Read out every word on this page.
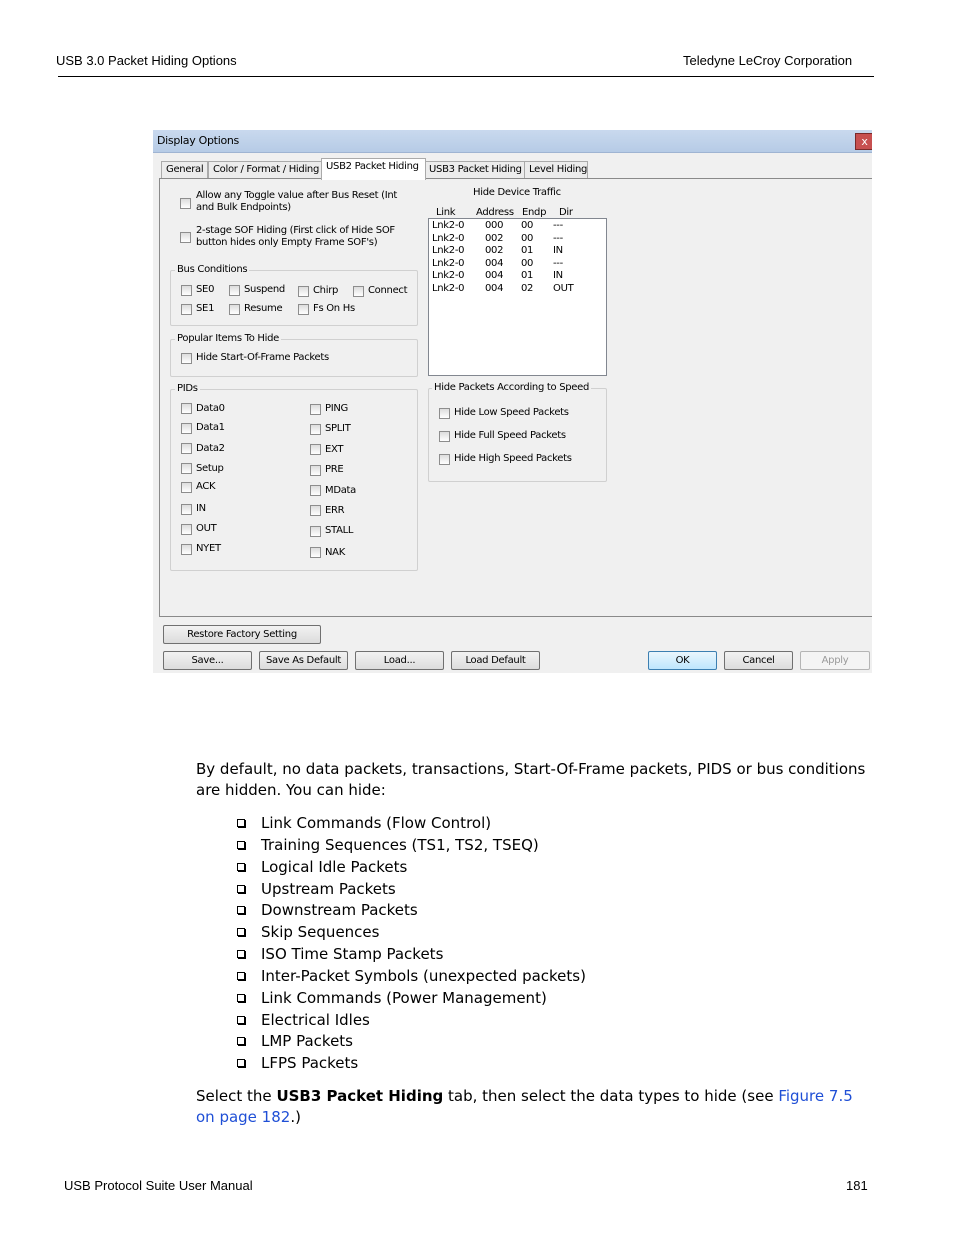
USB 3.0 Packet Hiding Options	Teledyne LeCroy Corporation
Display Options	x
General Color / Format / Hiding USB2 Packet Hiding	USB3 Packet Hiding Level Hiding
Allow any Toggle value after Bus Reset (Int and Bulk Endpoints)
2-stage SOF Hiding (First click of Hide SOF button hides only Empty Frame SOF's)
Bus Conditions
SE0	Suspend	Chirp	Connect
SE1	Resume	Fs On Hs
Popular Items To Hide
Hide Start-Of-Frame Packets
PIDs
Data0
Data1
Data2
Setup
ACK
IN
OUT
NYET
PING
SPLIT
EXT
PRE
MData
ERR
STALL
NAK
Hide Device Traffic
Link Address Endp Dir
Lnk2-0 000 00 ---
Lnk2-0 002 00 ---
Lnk2-0 002 01 IN
Lnk2-0 004 00 ---
Lnk2-0 004 01 IN
Lnk2-0 004 02 OUT
Hide Packets According to Speed
Hide Low Speed Packets
Hide Full Speed Packets
Hide High Speed Packets
Restore Factory Setting
Save...	Save As Default	Load...	Load Default	OK	Cancel	Apply
By default, no data packets, transactions, Start-Of-Frame packets, PIDS or bus conditions are hidden. You can hide:
Link Commands (Flow Control)
Training Sequences (TS1, TS2, TSEQ)
Logical Idle Packets
Upstream Packets
Downstream Packets
Skip Sequences
ISO Time Stamp Packets
Inter-Packet Symbols (unexpected packets)
Link Commands (Power Management)
Electrical Idles
LMP Packets
LFPS Packets
Select the USB3 Packet Hiding tab, then select the data types to hide (see Figure 7.5 on page 182.)
USB Protocol Suite User Manual	181
